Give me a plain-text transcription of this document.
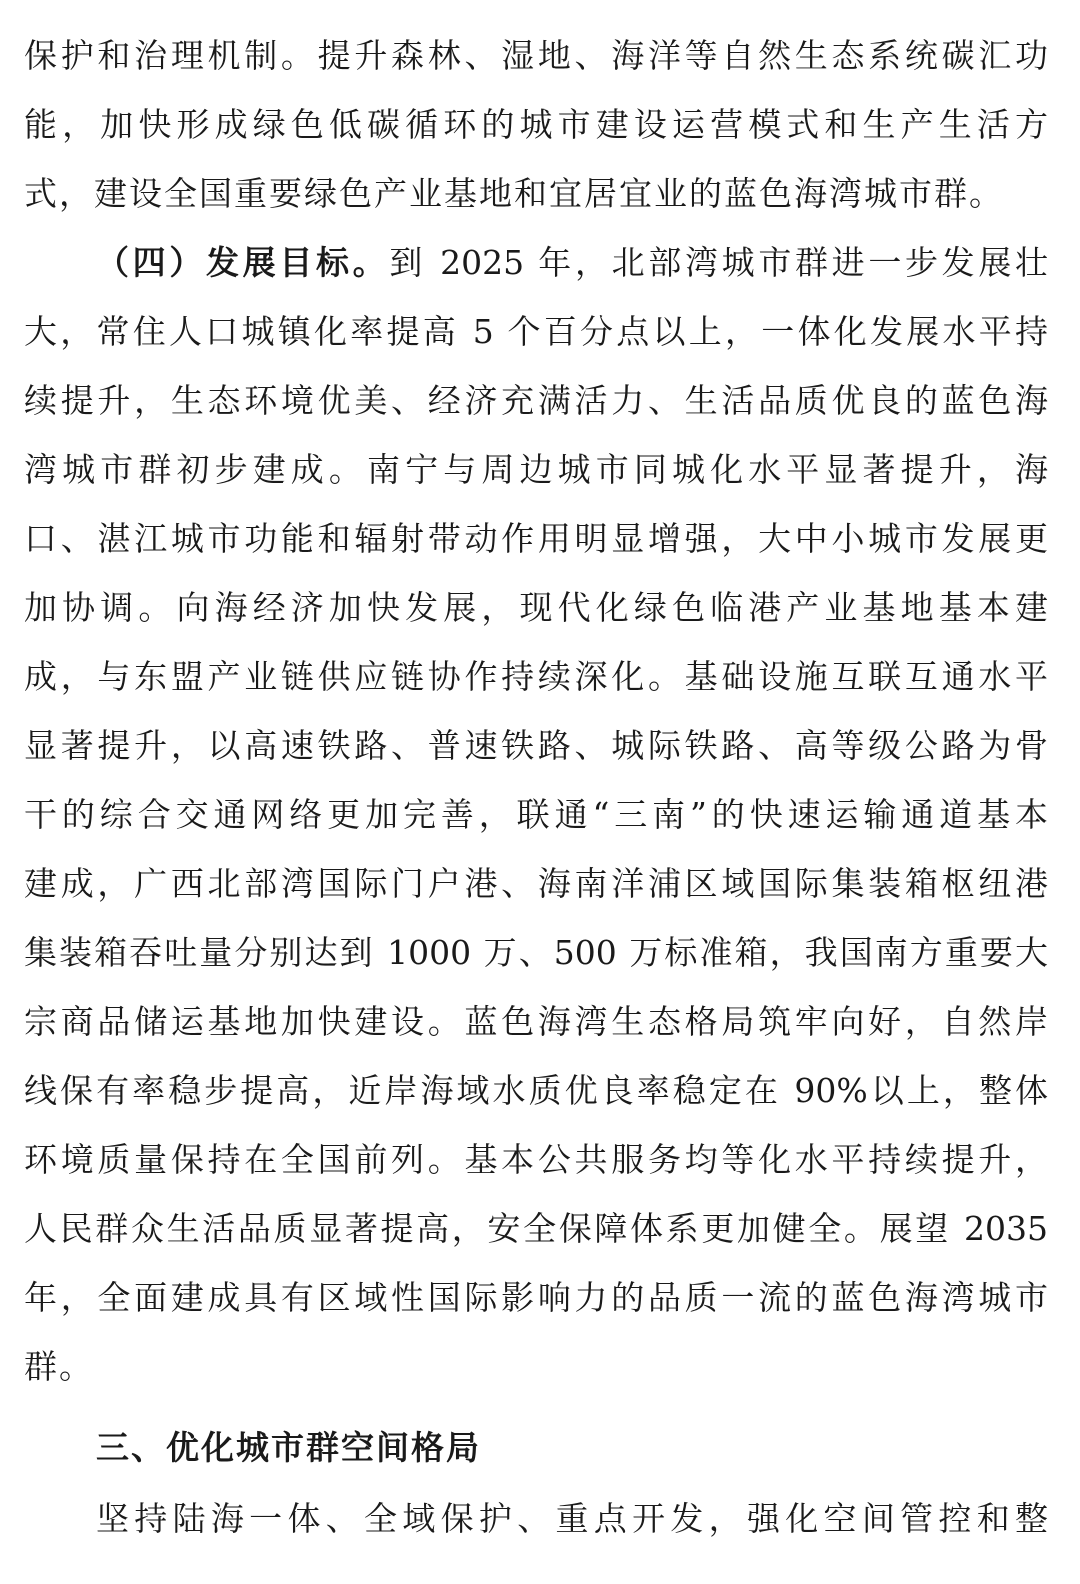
保护和治理机制。提升森林、湿地、海洋等自然生态系统碳汇功
能，加快形成绿色低碳循环的城市建设运营模式和生产生活方
式，建设全国重要绿色产业基地和宜居宜业的蓝色海湾城市群。
（四）发展目标。到 2025 年，北部湾城市群进一步发展壮
大，常住人口城镇化率提高 5 个百分点以上，一体化发展水平持
续提升，生态环境优美、经济充满活力、生活品质优良的蓝色海
湾城市群初步建成。南宁与周边城市同城化水平显著提升，海
口、湛江城市功能和辐射带动作用明显增强，大中小城市发展更
加协调。向海经济加快发展，现代化绿色临港产业基地基本建
成，与东盟产业链供应链协作持续深化。基础设施互联互通水平
显著提升，以高速铁路、普速铁路、城际铁路、高等级公路为骨
干的综合交通网络更加完善，联通“三南”的快速运输通道基本
建成，广西北部湾国际门户港、海南洋浦区域国际集装箱枢纽港
集装箱吞吐量分别达到 1000 万、500 万标准箱，我国南方重要大
宗商品储运基地加快建设。蓝色海湾生态格局筑牢向好，自然岸
线保有率稳步提高，近岸海域水质优良率稳定在 90%以上，整体
环境质量保持在全国前列。基本公共服务均等化水平持续提升，
人民群众生活品质显著提高，安全保障体系更加健全。展望 2035
年，全面建成具有区域性国际影响力的品质一流的蓝色海湾城市
群。
三、优化城市群空间格局
坚持陆海一体、全域保护、重点开发，强化空间管控和整
